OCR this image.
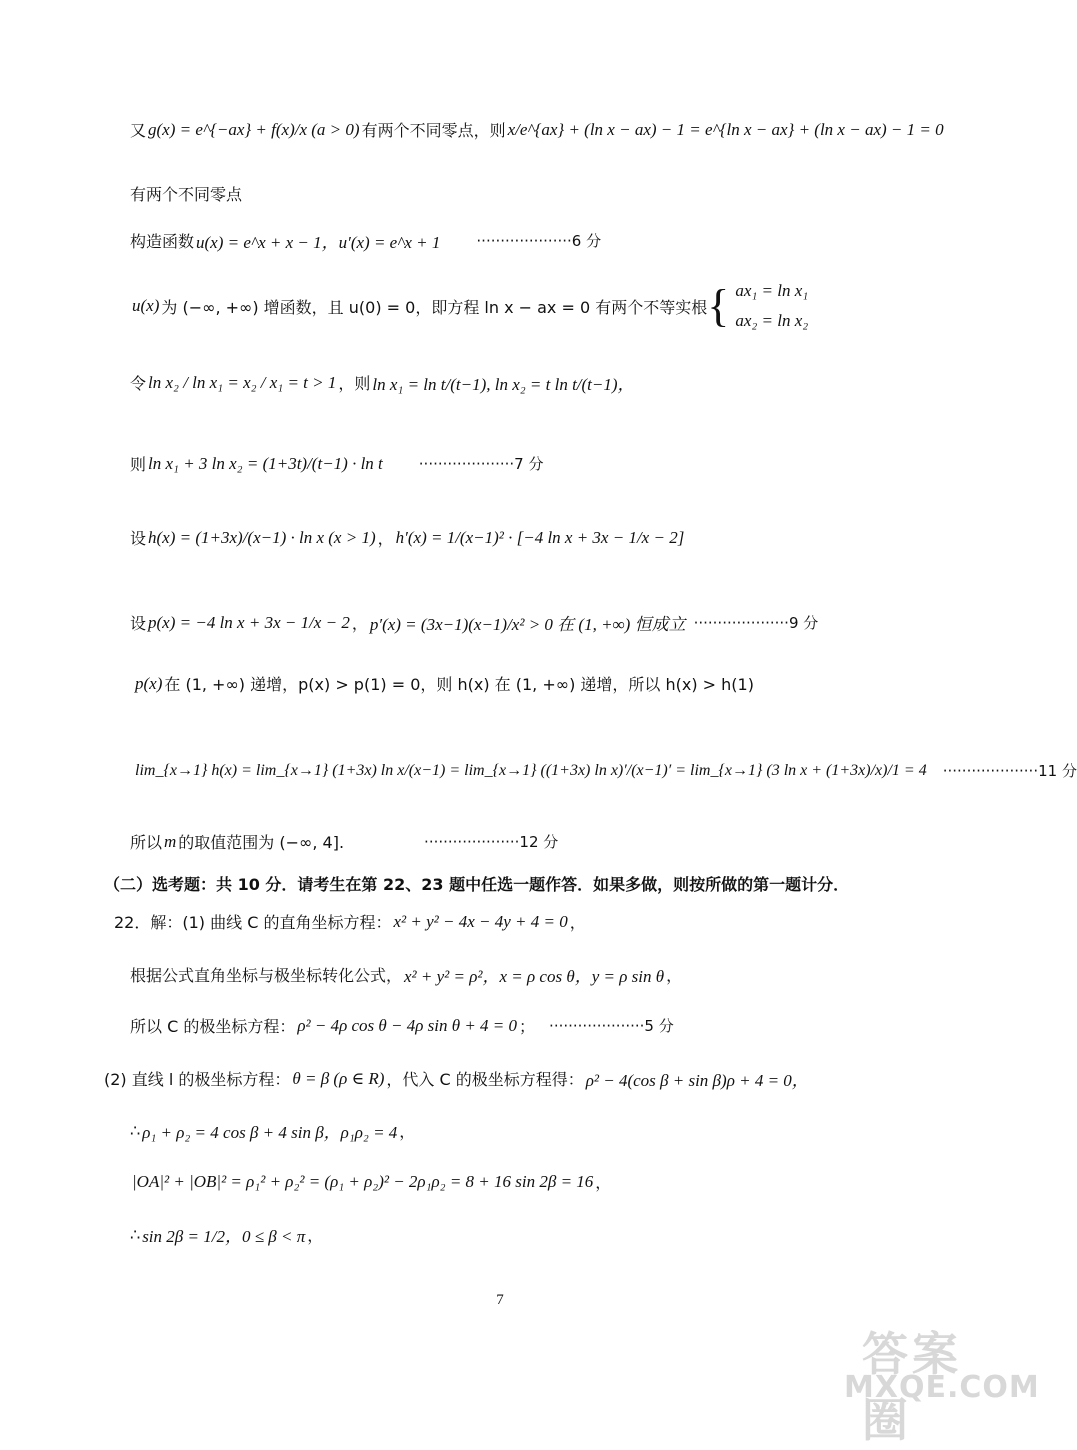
又 g(x) = e^{−ax} + f(x)/x (a > 0) 有两个不同零点，则 x/e^{ax} + (ln x − ax) − 1 = e^{ln x − ax} + (ln x − ax) − 1 = 0
有两个不同零点
构造函数 u(x) = e^x + x − 1，u′(x) = e^x + 1 ····················6 分
u(x) 为 (−∞, +∞) 增函数，且 u(0) = 0，即方程 ln x − ax = 0 有两个不等实根 { ax₁ = ln x₁
ax₂ = ln x₂
令 ln x₂ / ln x₁ = x₂ / x₁ = t > 1 ，则 ln x₁ = ln t/(t−1), ln x₂ = t ln t/(t−1)，
则 ln x₁ + 3 ln x₂ = (1+3t)/(t−1) · ln t ····················7 分
设 h(x) = (1+3x)/(x−1) · ln x (x > 1) ， h′(x) = 1/(x−1)² · [−4 ln x + 3x − 1/x − 2]
设 p(x) = −4 ln x + 3x − 1/x − 2 ， p′(x) = (3x−1)(x−1)/x² > 0 在 (1, +∞) 恒成立 ····················9 分
p(x) 在 (1, +∞) 递增，p(x) > p(1) = 0，则 h(x) 在 (1, +∞) 递增，所以 h(x) > h(1)
lim_{x→1} h(x) = lim_{x→1} (1+3x) ln x/(x−1) = lim_{x→1} ((1+3x) ln x)′/(x−1)′ = lim_{x→1} (3 ln x + (1+3x)/x)/1 = 4 ····················11 分
所以 m 的取值范围为 (−∞, 4].	····················12 分
（二）选考题：共 10 分．请考生在第 22、23 题中任选一题作答．如果多做，则按所做的第一题计分．
22．解：(1) 曲线 C 的直角坐标方程： x² + y² − 4x − 4y + 4 = 0 ，
根据公式直角坐标与极坐标转化公式， x² + y² = ρ²，x = ρ cos θ，y = ρ sin θ ，
所以 C 的极坐标方程： ρ² − 4ρ cos θ − 4ρ sin θ + 4 = 0 ； ····················5 分
(2) 直线 l 的极坐标方程： θ = β (ρ ∈ R) ，代入 C 的极坐标方程得： ρ² − 4(cos β + sin β)ρ + 4 = 0，
∴ ρ₁ + ρ₂ = 4 cos β + 4 sin β，ρ₁ρ₂ = 4 ，
|OA|² + |OB|² = ρ₁² + ρ₂² = (ρ₁ + ρ₂)² − 2ρ₁ρ₂ = 8 + 16 sin 2β = 16 ，
∴ sin 2β = 1/2，0 ≤ β < π ，
7
答案圈
MXQE.COM
